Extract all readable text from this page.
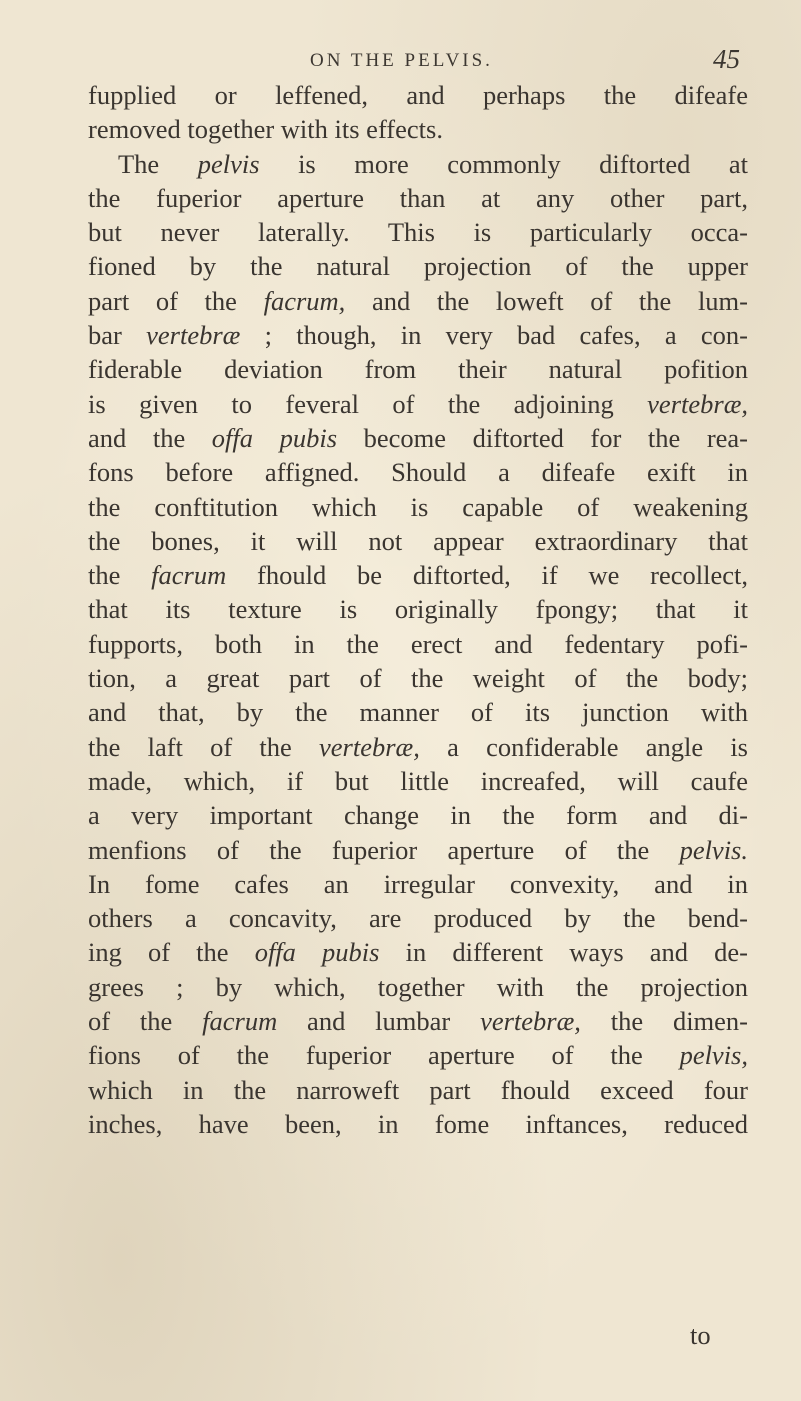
ON THE PELVIS.	45
fupplied or leffened, and perhaps the difeafe
removed together with its effects.
The pelvis is more commonly diftorted at
the fuperior aperture than at any other part,
but never laterally. This is particularly occa-
fioned by the natural projection of the upper
part of the facrum, and the loweft of the lum-
bar vertebræ ; though, in very bad cafes, a con-
fiderable deviation from their natural pofition
is given to feveral of the adjoining vertebræ,
and the offa pubis become diftorted for the rea-
fons before affigned. Should a difeafe exift in
the conftitution which is capable of weakening
the bones, it will not appear extraordinary that
the facrum fhould be diftorted, if we recollect,
that its texture is originally fpongy; that it
fupports, both in the erect and fedentary pofi-
tion, a great part of the weight of the body;
and that, by the manner of its junction with
the laft of the vertebræ, a confiderable angle is
made, which, if but little increafed, will caufe
a very important change in the form and di-
menfions of the fuperior aperture of the pelvis.
In fome cafes an irregular convexity, and in
others a concavity, are produced by the bend-
ing of the offa pubis in different ways and de-
grees ; by which, together with the projection
of the facrum and lumbar vertebræ, the dimen-
fions of the fuperior aperture of the pelvis,
which in the narroweft part fhould exceed four
inches, have been, in fome inftances, reduced
to
